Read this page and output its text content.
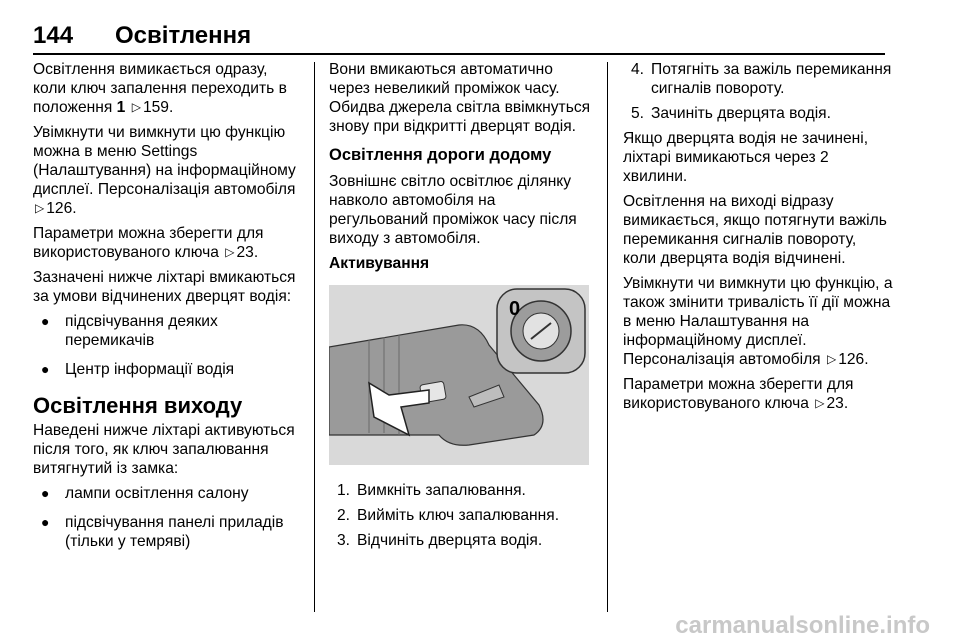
144 Освітлення

Освітлення вимикається одразу, коли ключ запалення переходить в положення 1 ▷ 159.

Увімкнути чи вимкнути цю функцію можна в меню Settings (Налаштування) на інформаційному дисплеї. Персоналізація автомобіля ▷ 126.

Параметри можна зберегти для використовуваного ключа ▷ 23.

Зазначені нижче ліхтарі вмикаються за умови відчинених дверцят водія:

● підсвічування деяких перемикачів
● Центр інформації водія
Освітлення виходу

Наведені нижче ліхтарі активуються після того, як ключ запалювання витягнутий із замка:

● лампи освітлення салону
● підсвічування панелі приладів (тільки у темряві)

Вони вмикаються автоматично через невеликий проміжок часу. Обидва джерела світла ввімкнуться знову при відкритті дверцят водія.

Освітлення дороги додому

Зовнішнє світло освітлює ділянку навколо автомобіля на регульований проміжок часу після виходу з автомобіля.

Активування
0
1. Вимкніть запалювання.
2. Вийміть ключ запалювання.
3. Відчиніть дверцята водія.
4. Потягніть за важіль перемикання сигналів повороту.
5. Зачиніть дверцята водія.

Якщо дверцята водія не зачинені, ліхтарі вимикаються через 2 хвилини.

Освітлення на виході відразу вимикається, якщо потягнути важіль перемикання сигналів повороту, коли дверцята водія відчинені.

Увімкнути чи вимкнути цю функцію, а також змінити тривалість її дії можна в меню Налаштування на інформаційному дисплеї. Персоналізація автомобіля ▷ 126.

Параметри можна зберегти для використовуваного ключа ▷ 23.

carmanualsonline.info
